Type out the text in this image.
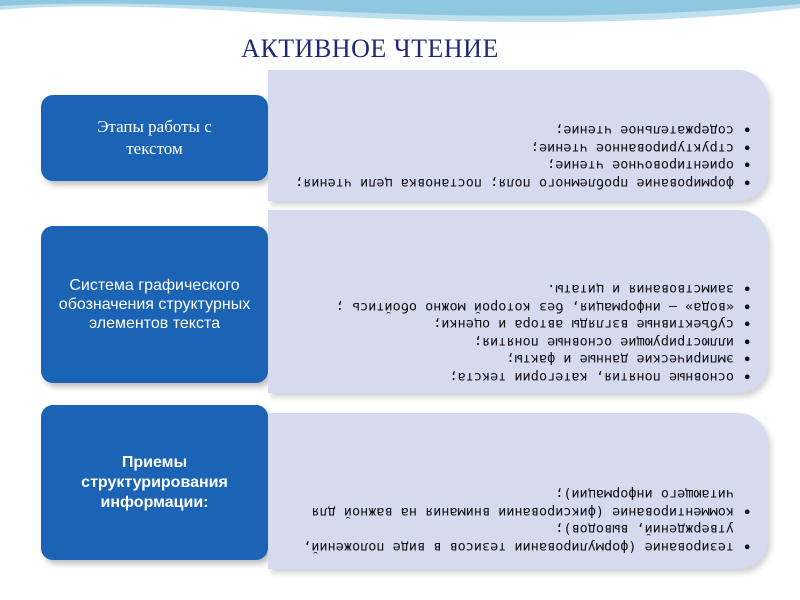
АКТИВНОЕ ЧТЕНИЕ
Этапы работы с текстом
• формирование проблемного поля; постановка цели чтения;
• ориентировочное чтение;
• структурированное чтение;
• содержательное чтение;
Система графического обозначения структурных элементов текста
• основные понятия, категории текста;
• эмпирические данные и факты;
• иллюстрирующие основные понятия;
• субъективные взгляды автора и оценки;
• «вода» – информация, без которой можно обойтись ;
• заимствования и цитаты.
Приемы структурирования информации:
• тезирование (формулировании тезисов в виде положений, утверждений, выводов);
• комментирование (фиксировании внимания на важной для читающего информации);
